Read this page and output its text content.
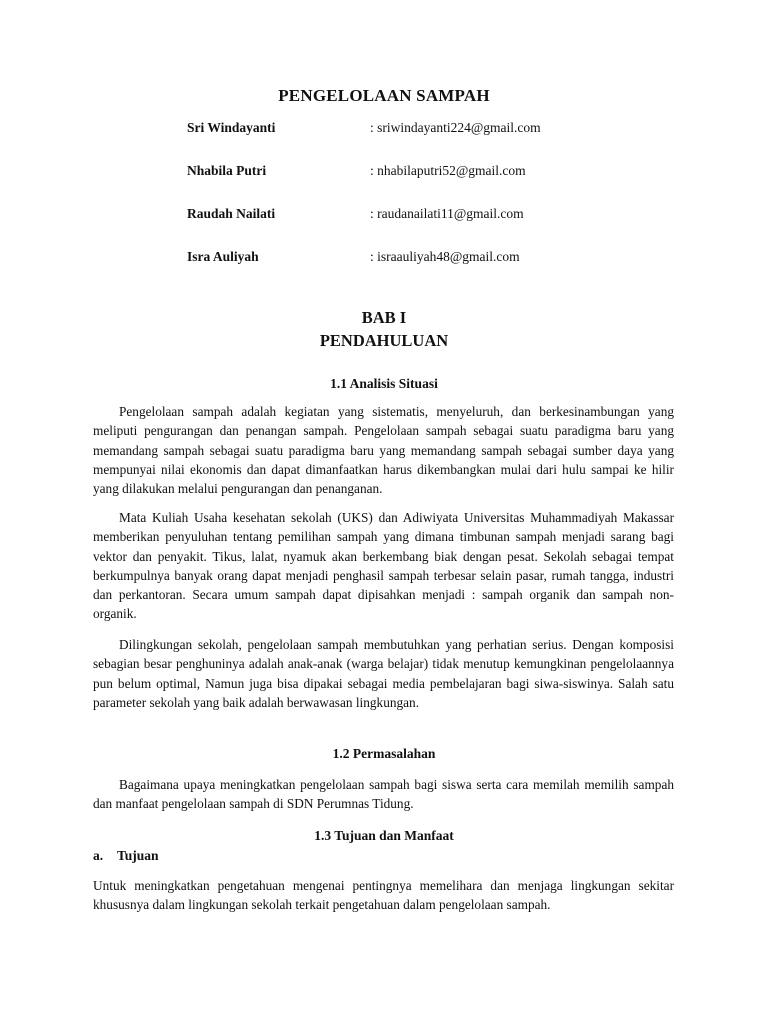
PENGELOLAAN SAMPAH
Sri Windayanti	: sriwindayanti224@gmail.com
Nhabila Putri	: nhabilaputri52@gmail.com
Raudah Nailati	: raudanailati11@gmail.com
Isra Auliyah	: israauliyah48@gmail.com
BAB I
PENDAHULUAN
1.1 Analisis Situasi
Pengelolaan sampah adalah kegiatan yang sistematis, menyeluruh, dan berkesinambungan yang meliputi pengurangan dan penangan sampah. Pengelolaan sampah sebagai suatu paradigma baru yang memandang sampah sebagai suatu paradigma baru yang memandang sampah sebagai sumber daya yang mempunyai nilai ekonomis dan dapat dimanfaatkan harus dikembangkan mulai dari hulu sampai ke hilir yang dilakukan melalui pengurangan dan penanganan.
Mata Kuliah Usaha kesehatan sekolah (UKS) dan Adiwiyata Universitas Muhammadiyah Makassar memberikan penyuluhan tentang pemilihan sampah yang dimana timbunan sampah menjadi sarang bagi vektor dan penyakit. Tikus, lalat, nyamuk akan berkembang biak dengan pesat. Sekolah sebagai tempat berkumpulnya banyak orang dapat menjadi penghasil sampah terbesar selain pasar, rumah tangga, industri dan perkantoran. Secara umum sampah dapat dipisahkan menjadi : sampah organik dan sampah non-organik.
Dilingkungan sekolah, pengelolaan sampah membutuhkan yang perhatian serius. Dengan komposisi sebagian besar penghuninya adalah anak-anak (warga belajar) tidak menutup kemungkinan pengelolaannya pun belum optimal, Namun juga bisa dipakai sebagai media pembelajaran bagi siwa-siswinya. Salah satu parameter sekolah yang baik adalah berwawasan lingkungan.
1.2 Permasalahan
Bagaimana upaya meningkatkan pengelolaan sampah bagi siswa serta cara memilah memilih sampah dan manfaat pengelolaan sampah di SDN Perumnas Tidung.
1.3 Tujuan dan Manfaat
a. Tujuan
Untuk meningkatkan pengetahuan mengenai pentingnya memelihara dan menjaga lingkungan sekitar khususnya dalam lingkungan sekolah terkait pengetahuan dalam pengelolaan sampah.
